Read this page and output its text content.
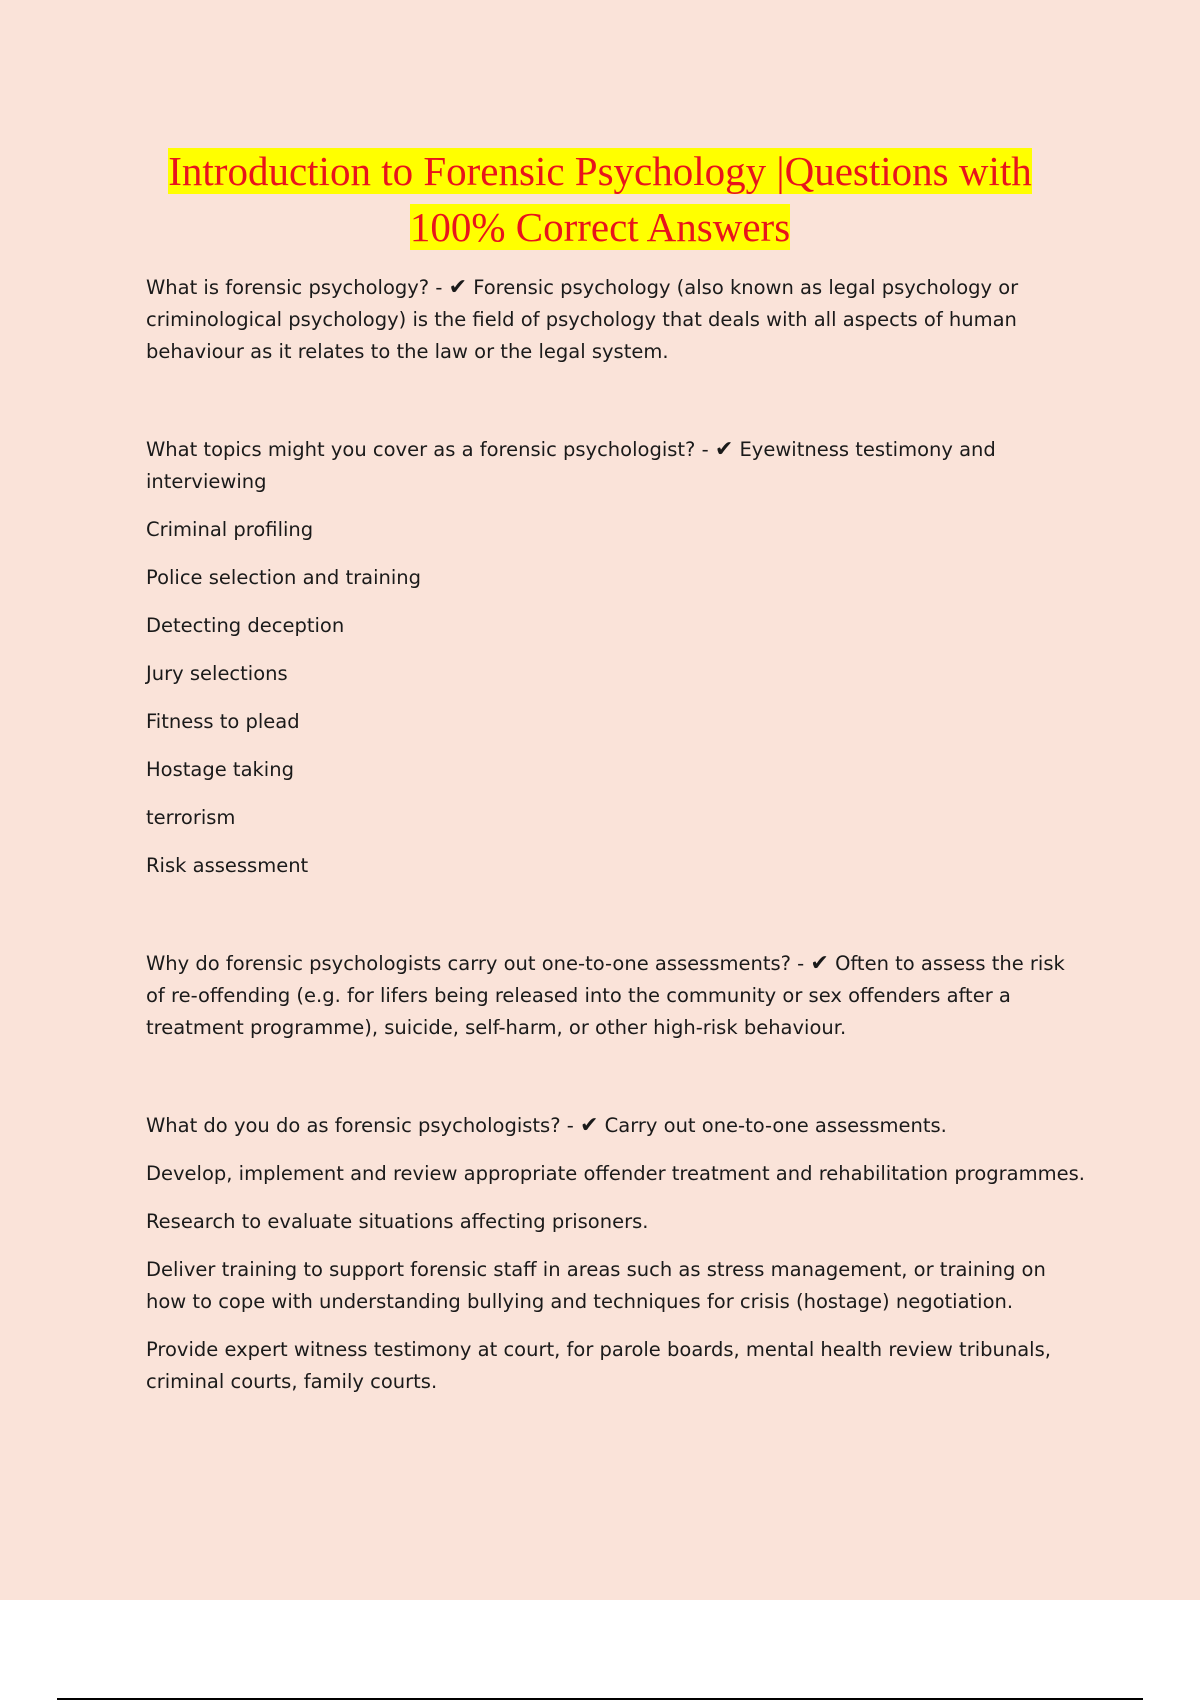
Introduction to Forensic Psychology |Questions with
100% Correct Answers

What is forensic psychology? - ✔ Forensic psychology (also known as legal psychology or criminological psychology) is the field of psychology that deals with all aspects of human behaviour as it relates to the law or the legal system.

What topics might you cover as a forensic psychologist? - ✔ Eyewitness testimony and interviewing

Criminal profiling

Police selection and training

Detecting deception

Jury selections

Fitness to plead

Hostage taking

terrorism

Risk assessment

Why do forensic psychologists carry out one-to-one assessments? - ✔ Often to assess the risk of re-offending (e.g. for lifers being released into the community or sex offenders after a treatment programme), suicide, self-harm, or other high-risk behaviour.

What do you do as forensic psychologists? - ✔ Carry out one-to-one assessments.

Develop, implement and review appropriate offender treatment and rehabilitation programmes.

Research to evaluate situations affecting prisoners.

Deliver training to support forensic staff in areas such as stress management, or training on how to cope with understanding bullying and techniques for crisis (hostage) negotiation.

Provide expert witness testimony at court, for parole boards, mental health review tribunals, criminal courts, family courts.
